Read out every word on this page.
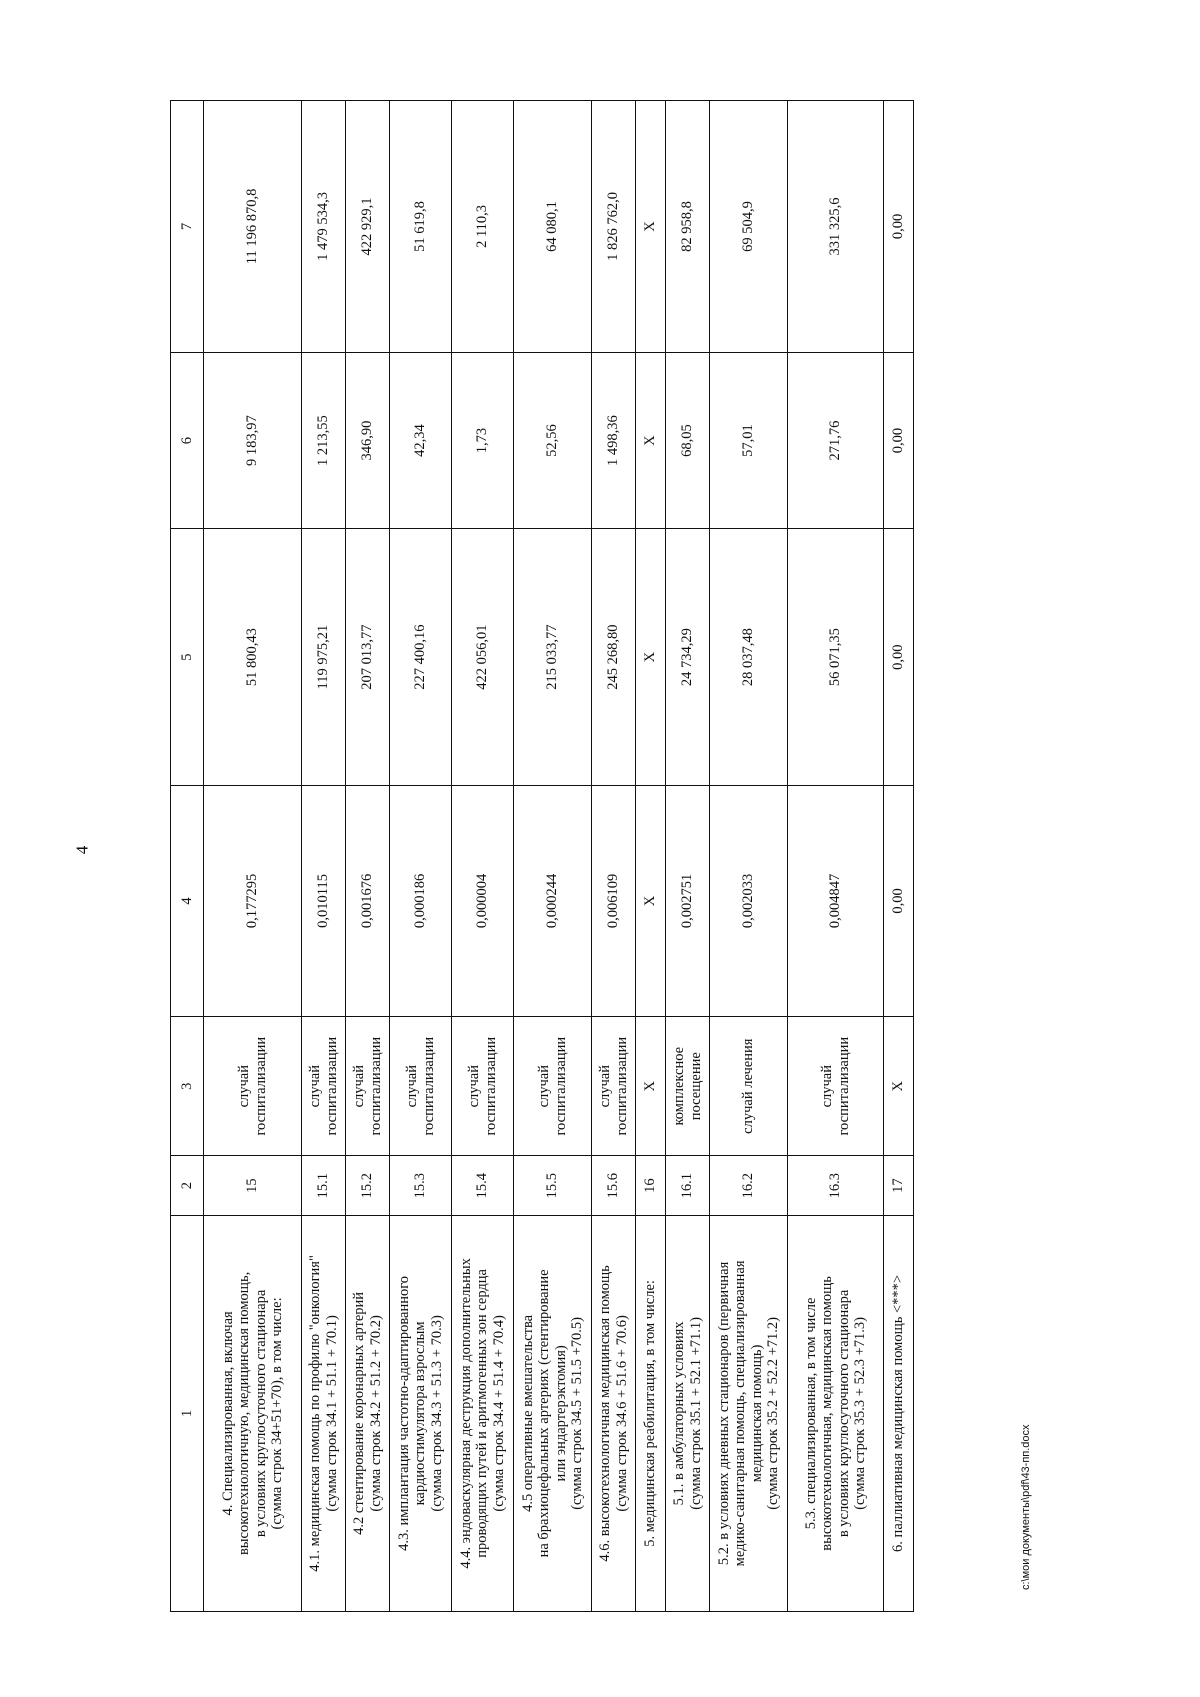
4
1	2	3	4	5	6	7

4. Специализированная, включая высокотехнологичную, медицинская помощь, в условиях круглосуточного стационара (сумма строк 34+51+70), в том числе:	15	случай госпитализации	0,177295	51 800,43	9 183,97	11 196 870,8

4.1. медицинская помощь по профилю "онкология" (сумма строк 34.1 + 51.1 + 70.1)	15.1	случай госпитализации	0,010115	119 975,21	1 213,55	1 479 534,3

4.2 стентирование коронарных артерий (сумма строк 34.2 + 51.2 + 70.2)	15.2	случай госпитализации	0,001676	207 013,77	346,90	422 929,1

4.3. имплантация частотно-адаптированного кардиостимулятора взрослым (сумма строк 34.3 + 51.3 + 70.3)	15.3	случай госпитализации	0,000186	227 400,16	42,34	51 619,8

4.4. эндоваскулярная деструкция дополнительных проводящих путей и аритмогенных зон сердца (сумма строк 34.4 + 51.4 + 70.4)	15.4	случай госпитализации	0,000004	422 056,01	1,73	2 110,3

4.5 оперативные вмешательства на брахиоцефальных артериях (стентирование или эндартерэктомия) (сумма строк 34.5 + 51.5 +70.5)	15.5	случай госпитализации	0,000244	215 033,77	52,56	64 080,1

4.6. высокотехнологичная медицинская помощь (сумма строк 34.6 + 51.6 + 70.6)	15.6	случай госпитализации	0,006109	245 268,80	1 498,36	1 826 762,0

5. медицинская реабилитация, в том числе:	16	Х	Х	Х	Х	Х

5.1. в амбулаторных условиях (сумма строк 35.1 + 52.1 +71.1)	16.1	комплексное посещение	0,002751	24 734,29	68,05	82 958,8

5.2. в условиях дневных стационаров (первичная медико-санитарная помощь, специализированная медицинская помощь) (сумма строк 35.2 + 52.2 +71.2)	16.2	случай лечения	0,002033	28 037,48	57,01	69 504,9

5.3. специализированная, в том числе высокотехнологичная, медицинская помощь в условиях круглосуточного стационара (сумма строк 35.3 + 52.3 +71.3)	16.3	случай госпитализации	0,004847	56 071,35	271,76	331 325,6

6. паллиативная медицинская помощь <***>	17	Х	0,00	0,00	0,00	0,00
c:\мои документы\pdf\43-пп.docx
